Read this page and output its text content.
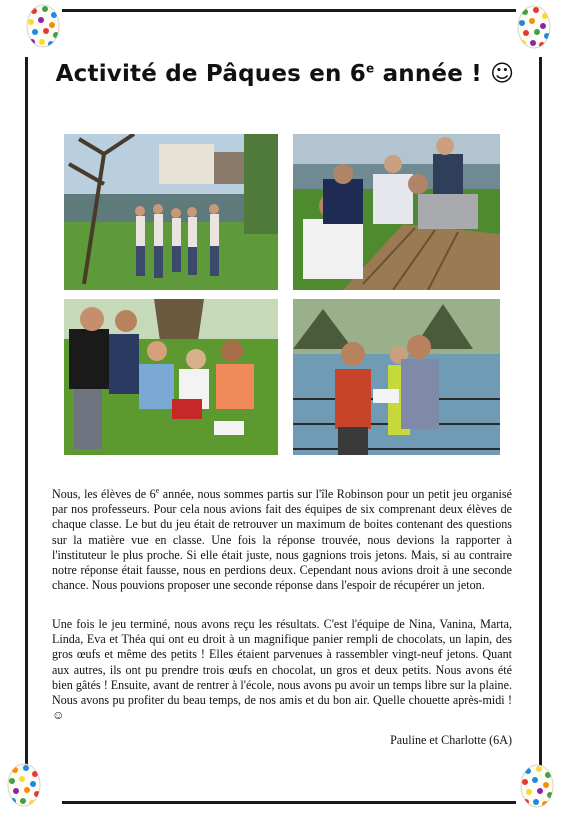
Activité de Pâques en 6e année ! ☺

Nous, les élèves de 6e année, nous sommes partis sur l'île Robinson pour un petit jeu organisé par nos professeurs. Pour cela nous avions fait des équipes de six comprenant deux élèves de chaque classe. Le but du jeu était de retrouver un maximum de boites contenant des questions sur la matière vue en classe. Une fois la réponse trouvée, nous devions la rapporter à l'instituteur le plus proche. Si elle était juste, nous gagnions trois jetons. Mais, si au contraire notre réponse était fausse, nous en perdions deux. Cependant nous avions droit à une seconde chance. Nous pouvions proposer une seconde réponse dans l'espoir de récupérer un jeton.

Une fois le jeu terminé, nous avons reçu les résultats. C'est l'équipe de Nina, Vanina, Marta, Linda, Eva et Théa qui ont eu droit à un magnifique panier rempli de chocolats, un lapin, des gros œufs et même des petits ! Elles étaient parvenues à rassembler vingt-neuf jetons. Quant aux autres, ils ont pu prendre trois œufs en chocolat, un gros et deux petits. Nous avons été bien gâtés ! Ensuite, avant de rentrer à l'école, nous avons pu avoir un temps libre sur la plaine. Nous avons pu profiter du beau temps, de nos amis et du bon air. Quelle chouette après-midi ! ☺

Pauline et Charlotte (6A)
